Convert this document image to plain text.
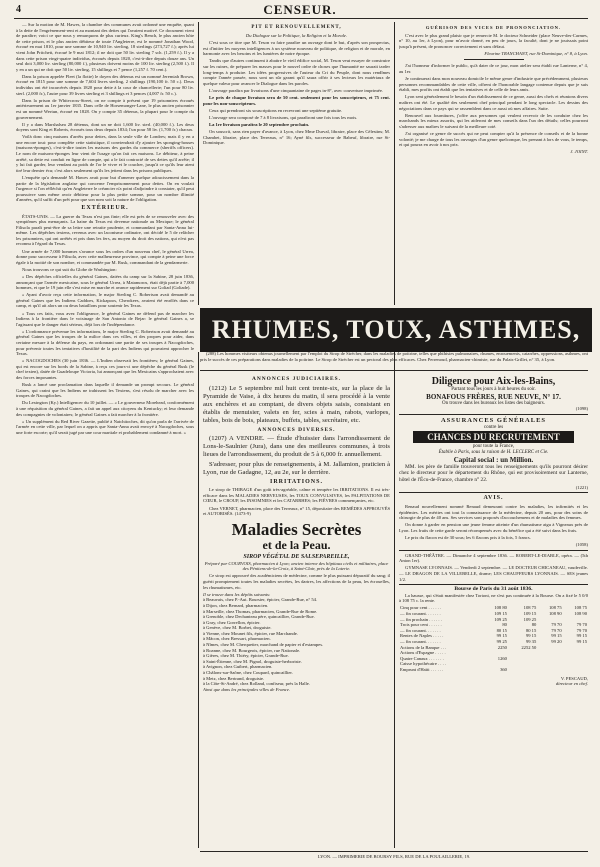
4	CENSEUR.

— Sur la motion de M. Hawes, la chambre des communes avait ordonné une enquête, quant à la dette de l'engrènement-rent et au montant des dettes qui l'avaient motivé. Ce document vient de paraître; voici ce que nous y remarquons de plus curieux. King's Bench, le plus ancien hôte de cette prison, et le plus ancien débiteur de toute l'Angleterre, est le nommé Jonathan Wood, écroué en mai 1810, pour une somme de 10,940 liv. sterling, 18 sterlings (273,727 f.); après lui vient John Pritchett, écroué le 9 mai 1812; il ne doit que 50 liv. sterling 7 sch. (1,259 f.). Il y a dans cette prison vingt-quatre individus, écroués depuis 1820, c'est-à-dire depuis douze ans. Un seul doit 3,000 liv. sterling (80,000 f.), plusieurs doivent moins de 100 liv. sterling (2,500 f.). Il y en a un qui ne doit que 50 liv. sterling, 15 shillings et 7 pence (1,257 f. 70 cent.).

Dans la prison appelée Fleet (la flotte) le doyen des détenus est un nommé Jeremiah Brown, écroué en 1815 pour une somme de 7,604 livres sterling, 2 shillings (190,100 fr. 50 c.). Deux individus ont été incarcérés depuis 1820 pour dette à la cour de chancellerie; l'un pour 80 liv. sterl. (2,000 fr.), l'autre pour 39 livres sterling et 3 shillings et 3 pences (4,007 fr. 50 c.).

Dans la prison de Whitecross-Street, on ne compte à présent que 19 prisonniers écroués antérieurement au 1er janvier 1835. Dans celle de Horsemonger-Lane, le plus ancien prisonnier est un nommé Wertun, écroué en 1828. On y compte 35 détenus, la plupart pour le compte du gouvernement.

Il y a dans Marshalsea 28 détenus, dont un ne doit 1,600 liv. sterl. (40,000 f.). Les deux doyens sont King et Roberts, écroués tous deux depuis 1834; l'un pour 58 liv. (1,700 fr.) chacun.

Voilà donc cinq maisons d'arrêts pour dettes, dans la seule ville de Londres; mais il y en a une encore tout: pour complète cette statistique, il conviendrait d'y ajouter les sponging-houses (maisons-éponges), c'est-à-dire toutes les maisons des gardes du commerce (sheriffs officers). Le nom de maisons-éponges leur vient de l'usage qu'on fait ces maisons. Le débiteur, à peine arrêté, sa dette est conduit en ligne de compte, qui a le fait contracté de ses dettes qu'il arrête; il y lui fait garder, leur vendant au poids de l'or le vivre et le coucher, jusqu'à ce qu'ils leur aient tiré leur dernier écu; c'est alors seulement qu'ils les jettent dans les prisons publiques.

L'enquête qu'a demandé M. Hawes avait pour but d'amener quelque adoucissement dans la partie de la législation anglaise qui concerne l'emprisonnement pour dettes. On en voulait l'urgence si l'on réfléchit qu'en Angleterre le créancier n'a point d'adjoindre à constater, qu'il peut poursuivre sans même avoir débiteur pour la plus petite somme, pour un nombre illimité d'années, qu'il suffit d'un prêt pour que son nom soit la nature de l'obligation.

EXTÉRIEUR.

ÉTATS-UNIS. — La guerre du Texas n'est pas finie; elle est près de se renouveler avec des symptômes plus menaçants. La haine du Texas est devenue nationale au Mexique; le général Filisola paraît peut-être de sa lettre une retraite prudente, et commandant par Santa-Anna lui-même. Les dépêches texiens, revenus avec un laconisme ordinaire, ont décidé le 5 de relâcher les prisonniers, qui ont arrêtés et pris dans les fers, au moyen du droit des nations, qui n'est pas reconnu à l'égard du Texas.

Une armée de 7,000 hommes s'avance sous les ordres d'un nouveau chef, le général Urrea, donne pour successeur à Filisola, avec cette malheureuse province, qui compte à peine une force égale à la moitié de son nombre, et commandée par M. Rusk, commandant de la gendarmerie.

Nous trouvons ce qui suit du Globe de Washington:

« Des dépêches officielles du général Gaines, datées du camp sur la Sabine, 28 juin 1836, annonçant que l'armée mexicaine, sous le général Urrea, à Matamoros, était déjà partie à 7,000 hommes, et que le 19 juin elle s'est mise en marche et avance rapidement sur Goliad (Goliade).

« Ayant d'avoir reçu cette information, le major Sterling C. Robertson avait demandé au général Gaines que les Indiens Caddoes, Kickapoos, Cherokees, avaient été enrôlés dans ce camp, et qu'il ait alors un ou deux bataillons pour soutenir les Texas.

« Tous ces faits, vous avez l'obligeance, le général Gaines ne défend pas de marcher les Indiens à la frontière dans le voisinage de San Antonio de Bejar: le général Gaines a, se l'agissant que le danger était sérieux, déjà lors de l'indépendance.

« L'ordonnance prévenue les informations, le major Sterling C. Robertson avait demandé au général Gaines que les troupes de la milice dans ces villes, et des propres pour aider, dans certaine mesure à la défense du pays, en ordonnant une partie de ses troupes à Nacogdoches, pour prévenir toutes les tentatives d'hostilité de la part des Indiens qui pouvaient approcher le Texas.

« NACOGDOCHES (30 juin 1836. — L'Indien observait les frontières; le général Gaines, qui est encore sur les bords de la Sabine, à reçu ces jours-ci une dépêche du général Rusk (le chef texien), datée de Guadeloupe Victoria, lui annonçant que les Mexicains s'approchaient avec des forces imposantes.

Rusk a lancé une proclamation dans laquelle il demande un prompt secours. Le général Gaines, qui craint que les Indiens ne trahissent les Texiens, s'est résolu de marcher avec les troupes de Nacogdoches.

Du Lexington (Ky.) Intelligencer du 10 juillet. — « Le gouverneur Morehead, conformément à une réquisition du général Gaines, a fait un appel aux citoyens du Kentucky; et leur demande des compagnies de volontaires; le général Gaines a fait marcher à la frontière.

« Un supplément du Red River Gazette, publié à Natchitoches, dit qu'on parla de l'arrivée de l'armée en cette ville, par lequel on a appris que Santa-Anna avait envoyé à Nacogdoches, sous une forte escorte; qu'il serait jugé par une cour martiale et probablement condamné à mort. »

PIT ET RENOUVELLEMENT,
Du Dialogue sur la Politique, la Religion et la Morale.

C'est sous ce titre que M. Teson va faire paraître un ouvrage dont le but, d'après son prospectus, est d'initier les moyens intelligences à un système nouveau de politique, de religion et de morale, en harmonie avec les besoins et les lumières de notre époque.

Tandis que d'autres continuent à abattre le vieil édifice social, M. Teson veut essayer de construire sur les ruines, de préparer les masses pour le nouvel ordre de choses que l'humanité ne saurait tarder long-temps à produire. Les idées progressives de l'auteur du Cri du Peuple, dont nous rendîmes compte l'année passée, nous sont un sûr garant qu'il saura offrir à ses lecteurs les matériaux de quelque valeur pour avancer le Dialogue dans les paroles.

L'ouvrage paraîtra par livraisons d'une cinquantaine de pages in-8°, avec couverture imprimée.

Le prix de chaque livraison sera de 50 cent. seulement pour les souscripteurs, et 75 cent. pour les non-souscripteurs.

Ceux qui prendront six souscriptions en recevront une septième gratuite.

L'ouvrage sera composé de 7 à 8 livraisons, qui paraîtront une fois tous les mois.

La 1re livraison paraîtra le 20 septembre prochain.

On souscrit, sans rien payer d'avance, à Lyon, chez Mme Durval, libraire, place des Célestins; M. Chambet, libraire, place des Terreaux, n° 16; Ayné fils, successeur de Babeuf, libraire, rue St-Dominique.

GUÉRISON DES VICES DE PRONONCIATION.

C'est avec le plus grand plaisir que je remercie M. le docteur Schneider (place Neuve-des-Carmes, n° 10, au 1er, à Lyon), pour m'avoir donné, en peu de jours, la faculté, dont je ne jouissais point jusqu'à présent, de prononcer correctement et sans défaut.

Fleurine TRANCHANT, rue St-Dominique, n° 8, à Lyon.

J'ai l'honneur d'informer le public, qu'à dater de ce jour, mon atelier sera établi rue Lanterne, n° 4, au 1er.

Je continuerai dans mon nouveau domicile le même genre d'industrie que précédemment, plusieurs personnes recommandables de cette ville, offrent de l'honorable langage contenue depuis que je suis établi, mes profits ont établi que les tentatives et de celle de leurs amis.

Lyon sent généralement le besoin d'un établissement de ce genre, aussi des chefs et réunions divers maîtres ont été. Le qualité des seulement chef principal pendant le long spectacle. Les dessins des négociations dans ce pays qui se rassemblent dans ce aussi où mes affaires. Suite.

Renouvel aux fournitures, j'offre aux personnes qui veulent recevoir de les conduire chez les marchands les mieux assortis, qui les aideront de mes conseils dans l'un des détails; celles pourront s'adresser aux maîtres le suivant de la meilleure coté.

J'ai organisé ce genre de succès qui ne peut compter qu'à la présence de conseils et de la bonne volonté; je me charge de tous les ouvrages d'un genre quelconque, les prenant à lors de vous, le temps, et qui pourra en avoir à nos prix.

J. JOINT.
RHUMES, TOUX, ASTHMES,

(288) Les hommes visiteurs obtenus journellement par l'emploi du Sirop de Strécher, dans les maladies de poitrine, telles que phthisies pulmonaires, rhumes, enrouements, catarrhes, oppressions, asthmes, ont pris le succès de ces préparations dans maladies de la poitrine. Le Sirop de Strécher est un pectoral des plus efficaces. Chez Perrenoud, pharmacien-chimiste, rue du Palais-Grillet, n° 35, à Lyon.

ANNONCES JUDICIAIRES.

(1212) Le 5 septembre mil huit cent trente-six, sur la place de la Pyramide de Vaise, à dix heures du matin, il sera procédé à la vente aux enchères et au comptant, de divers objets saisis, consistant en établis de menuisier, valets en fer, scies à main, rabots, varlopes, tables, bois de bois, plateaux, buffets, tables, secrétaire, etc.

ANNONCES DIVERSES.

(1207) A VENDRE. — Étude d'huissier dans l'arrondissement de Lons-le-Saulnier (Jura), dans une des meilleures communes, à trois lieues de l'arrondissement, du produit de 5 à 6,000 fr. annuellement.

S'adresser, pour plus de renseignements, à M. Jallamion, praticien à Lyon, rue de Gadagne, 12, au 2e, sur le derrière.

IRRITATIONS.

Le sirop de THIBAGE d'un goût très-agréable, calme et tempère les IRRITATIONS. Il est très-efficace dans les MALADIES NERVEUSES, les TOUX CONVULSIVES, les PALPITATIONS DE CŒUR, le CROUP, les INSOMNIES et les CATARRHES; les FIÈVRES commençantes, etc.

Chez VERNET, pharmacien, place des Terreaux, n° 15, dépositaire des REMÈDES APPROUVÉS et AUTORISÉS. (1473-9)

Maladies Secrètes
et de la Peau.
SIROP VÉGÉTAL DE SALSEPAREILLE,

Préparé par COURVOIS, pharmacien à Lyon; ancien interne des hôpitaux civils et militaires, place des Pénitens-de-la-Croix, à Saint-Clair, près de la Loterie.

Ce sirop est approuvé des académiciens de médecine, comme le plus puissant dépuratif du sang; il guérit promptement toutes les maladies secrètes, les dartres, les affections de la peau, les écrouelles, les rhumatismes, etc.

Il se trouve dans les dépôts suivants:
à Beauvais, chez P.-Aut. Boursier, épicier, Grande-Rue, n° 54.
à Dijon, chez Bernard, pharmacien.
à Marseille, chez Thomas, pharmacien, Grande-Rue de Rome.
à Grenoble, chez Dechanteau père, quincaillier, Grande-Rue.
à Gray, chez Gorrellon, épicier.
à Genève, chez M. Borbet, droguiste.
à Vienne, chez Mounet fils, épicier, rue Marchande.
à Mâcon, chez Bressart, pharmacien.
à Nîmes, chez M. Cherquetier, marchand de papier et d'estampes.
à Roanne, chez M. Bourgeois, épicier, rue Nationale.
à Gières, chez M. Thiéry, épicier, Grande-Rue.
à Saint-Étienne, chez M. Pignol, droguiste-herboriste.
à Avignon, chez Guibert, pharmacien.
à Châlons-sur-Saône, chez Coupard, quincaillier.
à Metz, chez Bertrand, droguiste.
à la Côte-St-André, chez Rolland, confiseur, près la Halle.
Ainsi que dans les principales villes de France.
Diligence pour Aix-les-Bains,
Partant tous les jours à huit heures du soir.
BONAFOUS FRÈRES, RUE NEUVE, N° 17.
On trouve dans les bureaux les listes des baigneurs.
(1098)
ASSURANCES GÉNÉRALES
contre les
CHANCES DU RECRUTEMENT
pour toute la France,
Établie à Paris, sous la raison de H. LECLERC et Cie.
Capital social : un Million.

MM. les père de famille trouveront tous les renseignements qu'ils pourront désirer chez le directeur pour le département du Rhône, qui est provisoirement sur Lanterne, hôtel de l'Écu-de-France, chambre n° 22.

(1221)
AVIS.

Renaud nouvellement nommé Renaud demeurant contre les maladies, les infirmités et les épidémies. Les mérites ont tout la connaissance de la médecine, depuis 20 ans, pour des soins de chirurgie de plus de 40 ans. Ses services sont proposés d'accouchemens et de maladies des femmes.

On donne à garder en pension une jeune femme atteinte d'un rhumatisme aigu à Vigneaux près de Lyon. Les fruits de cette garde seront récompensés avec du bénéfice qui a été suivi dans les frais.

Le prix du flacon est de 30 sous; les 6 flacons pris à la fois, 5 francs.

(1058)

GRAND-THÉÂTRE. — Dimanche 4 septembre 1836. — ROBERT-LE-DIABLE, opéra. — (5th Anton 1er).

GYMNASE LYONNAIS. — Vendredi 2 septembre. — LE DOCTEUR CHICANEAU, vaudeville. — LE DRAGON DE LA VILLEBELLE, drame; LES CHAUFFEURS LYONNAIS. — SES jeunes 1/2.

Bourse de Paris du 31 août 1836.

La hausse, qui s'était manifestée chez Tortoni, ne s'est pas continuée à la Bourse. On a fixé le 5 0/0 à 108 75 c. la rente.

Cinq pour cent . . . . . .	108 80	108 75	108 75	108 75
— fin courant. . . . . . .	109 15	109 15	108 90	108 90
— fin prochain . . . . . .	109 25	109 25		
Trois pour cent . . . . . .	80	80	79 70	79 70
— fin courant. . . . . . .	80 15	80 15	79 70	79 70
Rentes de Naples . . . . .	99 15	99 15	99 15	99 15
— fin courant. . . . . . .	99 25	99 35	99 20	99 15
Actions de la Banque . . .	2250	2252 50		
Actions d'Espagne . . . . .				
Quatre Canaux . . . . . . .	1260			
Caisse hypothécaire . . . .				
Emprunt d'Haïti . . . . . .	360			
V. PESCAUD,
directeur en chef.
LYON. — IMPRIMERIE DE BOURSY FILS, RUE DE LA POULAILLERIE, 19.
